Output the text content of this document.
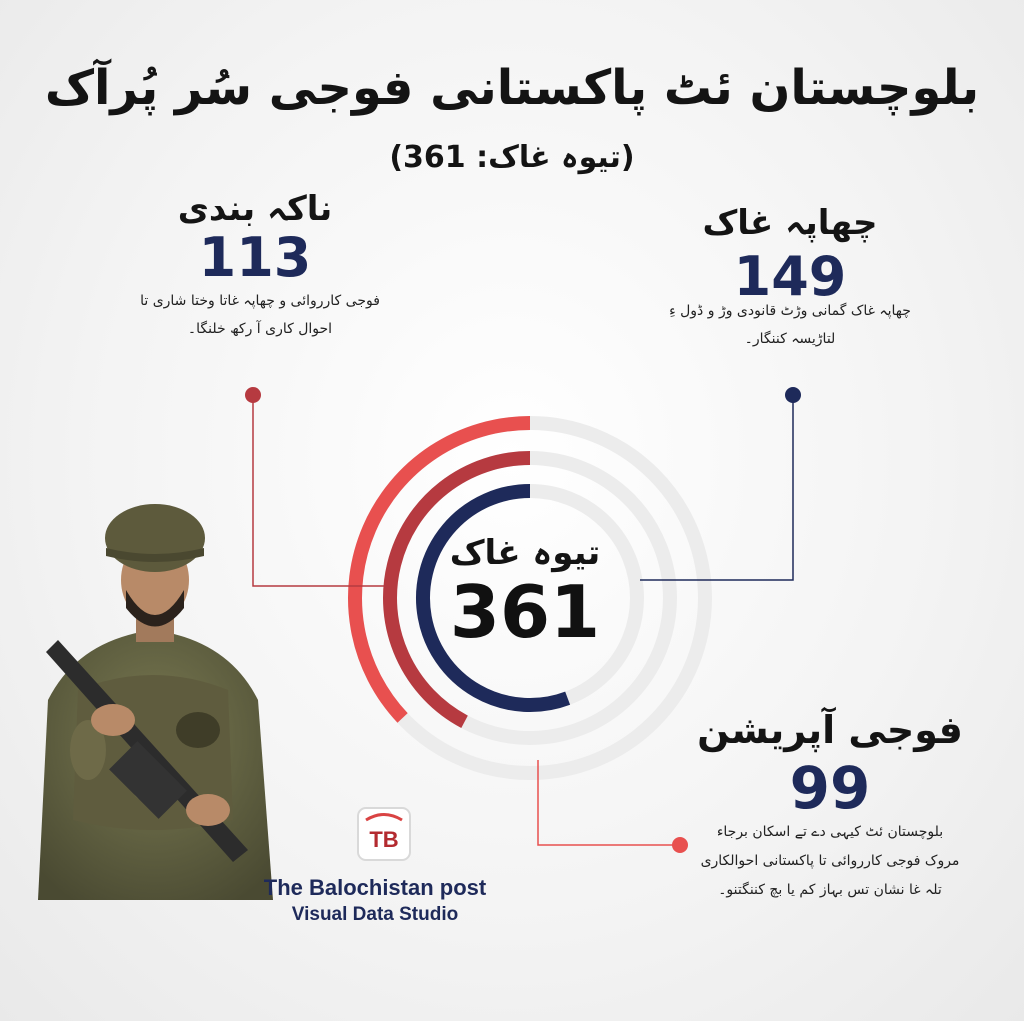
بلوچستان ئٹ پاکستانی فوجی سُر پُرآک
(تیوہ غاک: 361)
ناکہ بندی
113
فوجی کارروائی و چھاپہ غاتا وختا شاری تا
احوال کاری آ رکھ خلنگا۔
چھاپہ غاک
149
چھاپہ غاک گمانی وڑٹ قانودی وڑ و ڈول ءِ
لتاڑیسہ کننگار۔
فوجی آپریشن
99
بلوچستان ئٹ کیہی دے تے اسکان برجاء
مروک فوجی کارروائی تا پاکستانی احوالکاری
تلہ غا نشان تس بہاز کم یا بچ کننگتنو۔
تیوہ غاک
361
TB
The Balochistan post
Visual Data Studio
